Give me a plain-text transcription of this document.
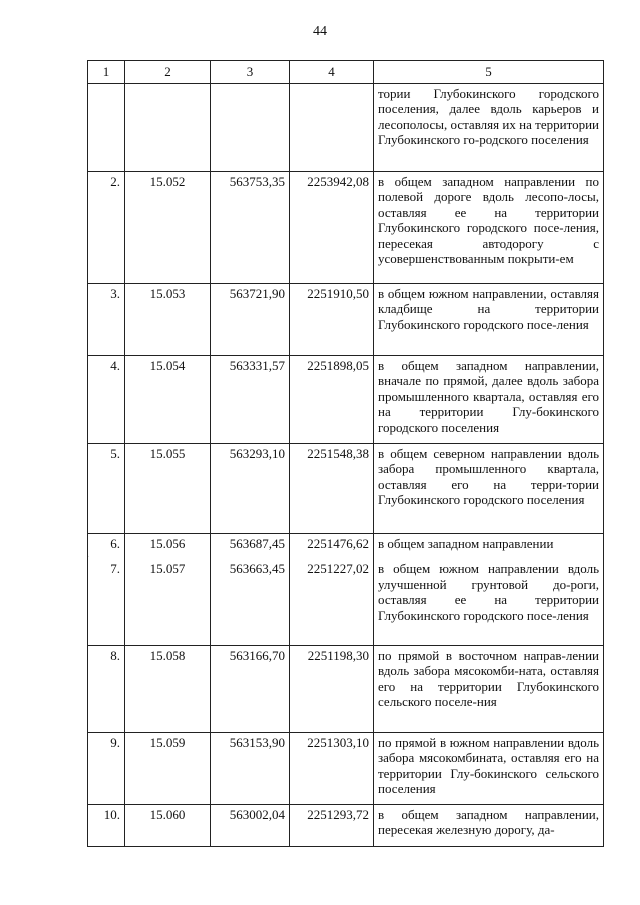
44
·
1	2	3	4	5
				тории Глубокинского городского поселения, далее вдоль карьеров и лесополосы, оставляя их на территории Глубокинского го-родского поселения
2.	15.052	563753,35	2253942,08	в общем западном направлении по полевой дороге вдоль лесопо-лосы, оставляя ее на территории Глубокинского городского посе-ления, пересекая автодорогу с усовершенствованным покрыти-ем
3.	15.053	563721,90	2251910,50	в общем южном направлении, оставляя кладбище на территории Глубокинского городского посе-ления
4.	15.054	563331,57	2251898,05	в общем западном направлении, вначале по прямой, далее вдоль забора промышленного квартала, оставляя его на территории Глу-бокинского городского поселения
5.	15.055	563293,10	2251548,38	в общем северном направлении вдоль забора промышленного квартала, оставляя его на терри-тории Глубокинского городского поселения
6.	15.056	563687,45	2251476,62	в общем западном направлении
7.	15.057	563663,45	2251227,02	в общем южном направлении вдоль улучшенной грунтовой до-роги, оставляя ее на территории Глубокинского городского посе-ления
8.	15.058	563166,70	2251198,30	по прямой в восточном направ-лении вдоль забора мясокомби-ната, оставляя его на территории Глубокинского сельского поселе-ния
9.	15.059	563153,90	2251303,10	по прямой в южном направлении вдоль забора мясокомбината, оставляя его на территории Глу-бокинского сельского поселения
10.	15.060	563002,04	2251293,72	в общем западном направлении, пересекая железную дорогу, да-
